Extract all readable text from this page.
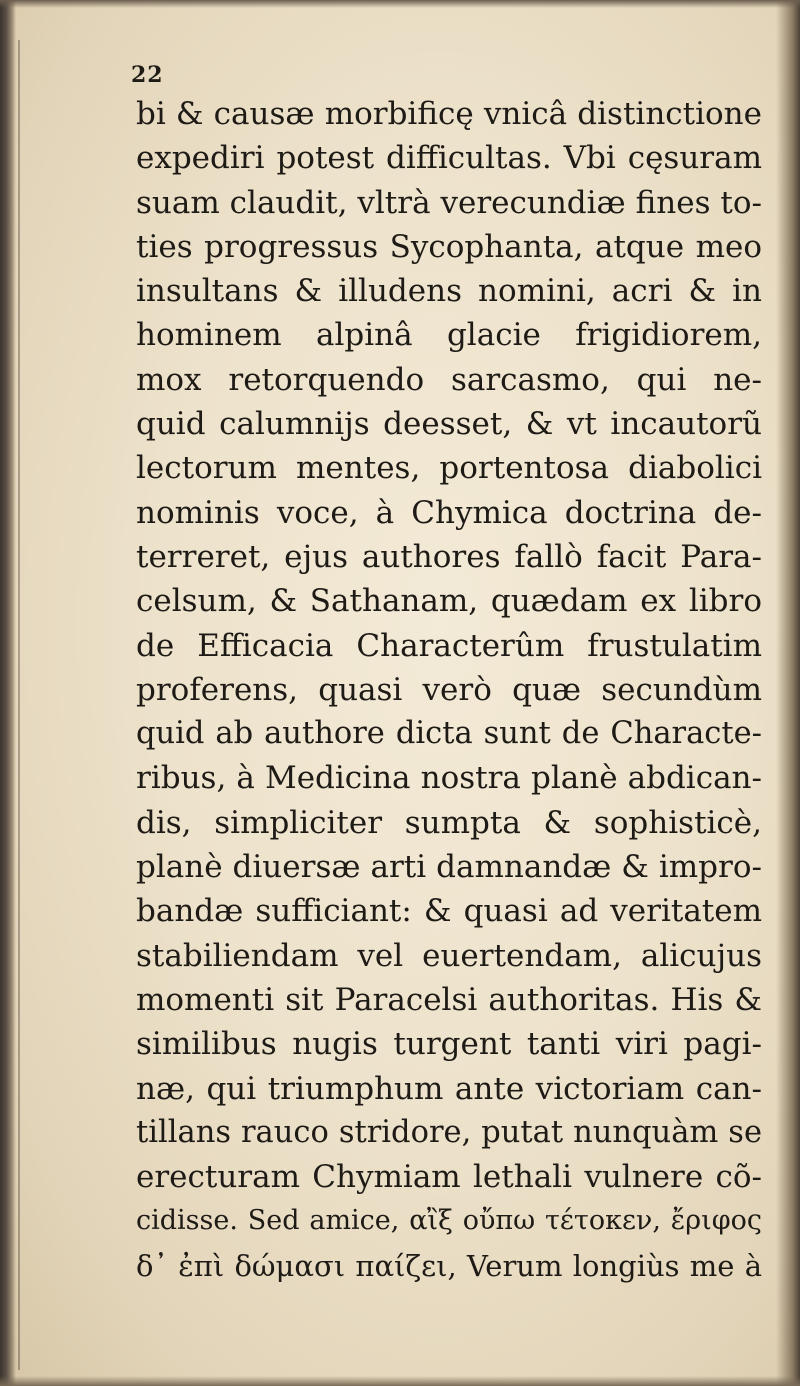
22
bi & causæ morbificę vnicâ distinctione
expediri potest difficultas. Vbi cęsuram
suam claudit, vltrà verecundiæ fines to-
ties progressus Sycophanta, atque meo
insultans & illudens nomini, acri & in
hominem alpinâ glacie frigidiorem,
mox retorquendo sarcasmo, qui ne-
quid calumnijs deesset, & vt incautorũ
lectorum mentes, portentosa diabolici
nominis voce, à Chymica doctrina de-
terreret, ejus authores fallò facit Para-
celsum, & Sathanam, quædam ex libro
de Efficacia Characterûm frustulatim
proferens, quasi verò quæ secundùm
quid ab authore dicta sunt de Characte-
ribus, à Medicina nostra planè abdican-
dis, simpliciter sumpta & sophisticè,
planè diuersæ arti damnandæ & impro-
bandæ sufficiant: & quasi ad veritatem
stabiliendam vel euertendam, alicujus
momenti sit Paracelsi authoritas. His &
similibus nugis turgent tanti viri pagi-
næ, qui triumphum ante victoriam can-
tillans rauco stridore, putat nunquàm se
erecturam Chymiam lethali vulnere cõ-
cidisse. Sed amice, αἲξ οὔπω τέτοκεν, ἔριφος
δ᾽ ἐπὶ δώμασι παίζει, Verum longiùs me à
